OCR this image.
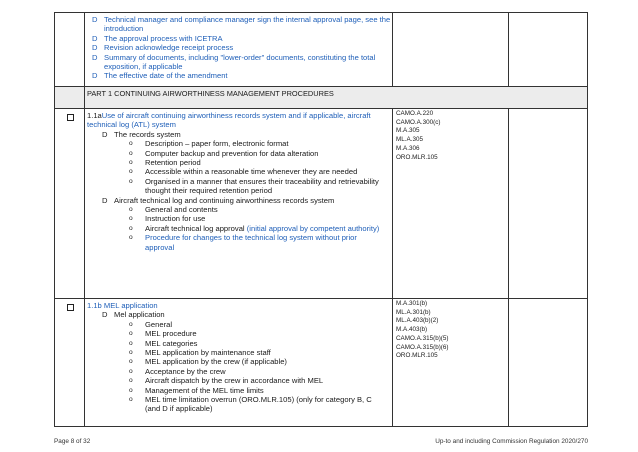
D Technical manager and compliance manager sign the internal approval page, see the introduction
D The approval process with ICETRA
D Revision acknowledge receipt process
D Summary of documents, including "lower-order" documents, constituting the total exposition, if applicable
D The effective date of the amendment
PART 1 CONTINUING AIRWORTHINESS MANAGEMENT PROCEDURES
1.1aUse of aircraft continuing airworthiness records system and if applicable, aircraft technical log (ATL) system
D The records system
o Description – paper form, electronic format
o Computer backup and prevention for data alteration
o Retention period
o Accessible within a reasonable time whenever they are needed
o Organised in a manner that ensures their traceability and retrievability thought their required retention period
D Aircraft technical log and continuing airworthiness records system
o General and contents
o Instruction for use
o Aircraft technical log approval (initial approval by competent authority)
o Procedure for changes to the technical log system without prior approval
CAMO.A.220
CAMO.A.300(c)
M.A.305
ML.A.305
M.A.306
ORO.MLR.105
1.1b MEL application
D Mel application
o General
o MEL procedure
o MEL categories
o MEL application by maintenance staff
o MEL application by the crew (if applicable)
o Acceptance by the crew
o Aircraft dispatch by the crew in accordance with MEL
o Management of the MEL time limits
o MEL time limitation overrun (ORO.MLR.105) (only for category B, C (and D if applicable)
M.A.301(b)
ML.A.301(b)
ML.A.403(b)(2)
M.A.403(b)
CAMO.A.315(b)(5)
CAMO.A.315(b)(6)
ORO.MLR.105
Page 8 of 32	Up-to and including Commission Regulation 2020/270
